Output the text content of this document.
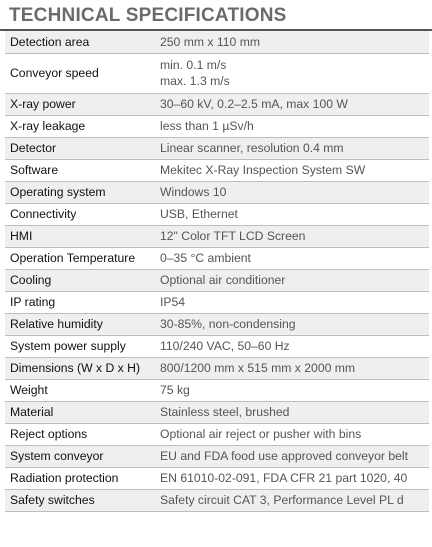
TECHNICAL SPECIFICATIONS
Detection area	250 mm x 110 mm

Conveyor speed	min. 0.1 m/s
max. 1.3 m/s

X-ray power	30–60 kV, 0.2–2.5 mA, max 100 W

X-ray leakage	less than 1 µSv/h

Detector	Linear scanner, resolution 0.4 mm

Software	Mekitec X-Ray Inspection System SW

Operating system	Windows 10

Connectivity	USB, Ethernet

HMI	12" Color TFT LCD Screen

Operation Temperature	0–35 °C ambient

Cooling	Optional air conditioner

IP rating	IP54

Relative humidity	30-85%, non-condensing

System power supply	110/240 VAC, 50–60 Hz

Dimensions (W x D x H)	800/1200 mm x 515 mm x 2000 mm

Weight	75 kg

Material	Stainless steel, brushed

Reject options	Optional air reject or pusher with bins

System conveyor	EU and FDA food use approved conveyor belt

Radiation protection	EN 61010-02-091, FDA CFR 21 part 1020, 40

Safety switches	Safety circuit CAT 3, Performance Level PL d
